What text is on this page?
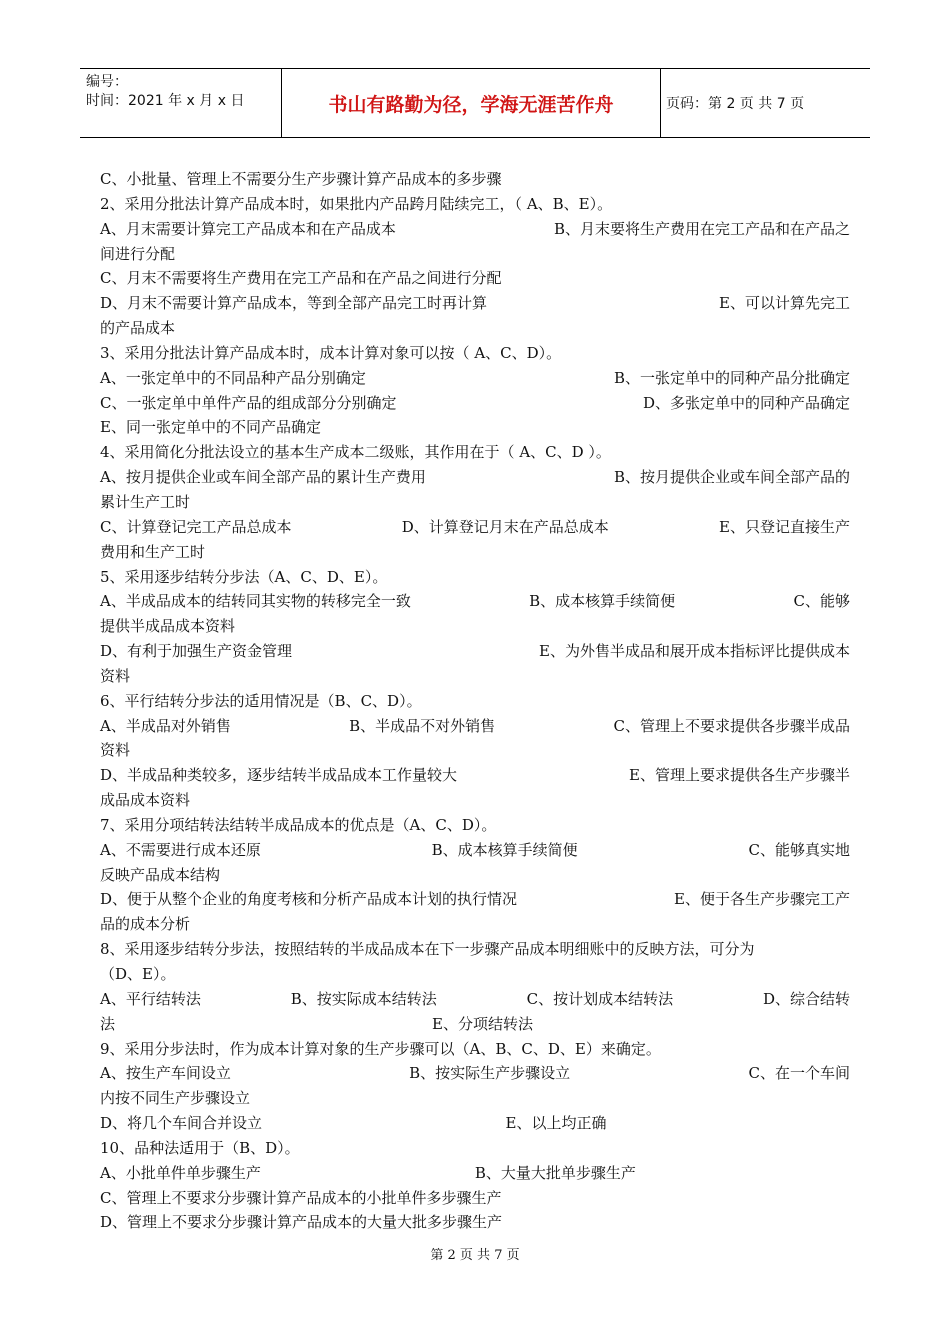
编号：
时间：2021 年 x 月 x 日	书山有路勤为径，学海无涯苦作舟	页码：第 2 页 共 7 页
C、小批量、管理上不需要分生产步骤计算产品成本的多步骤
2、采用分批法计算产品成本时，如果批内产品跨月陆续完工，（ A、B、E）。
A、月末需要计算完工产品成本和在产品成本	B、月末要将生产费用在完工产品和在产品之
间进行分配
C、月末不需要将生产费用在完工产品和在产品之间进行分配
D、月末不需要计算产品成本，等到全部产品完工时再计算	E、可以计算先完工
的产品成本
3、采用分批法计算产品成本时，成本计算对象可以按（ A、C、D）。
A、一张定单中的不同品种产品分别确定	B、一张定单中的同种产品分批确定
C、一张定单中单件产品的组成部分分别确定	D、多张定单中的同种产品确定
E、同一张定单中的不同产品确定
4、采用简化分批法设立的基本生产成本二级账，其作用在于（ A、C、D ）。
A、按月提供企业或车间全部产品的累计生产费用	B、按月提供企业或车间全部产品的
累计生产工时
C、计算登记完工产品总成本	D、计算登记月末在产品总成本	E、只登记直接生产
费用和生产工时
5、采用逐步结转分步法（A、C、D、E）。
A、半成品成本的结转同其实物的转移完全一致	B、成本核算手续简便	C、能够
提供半成品成本资料
D、有利于加强生产资金管理	E、为外售半成品和展开成本指标评比提供成本
资料
6、平行结转分步法的适用情况是（B、C、D）。
A、半成品对外销售	B、半成品不对外销售	C、管理上不要求提供各步骤半成品
资料
D、半成品种类较多，逐步结转半成品成本工作量较大	E、管理上要求提供各生产步骤半
成品成本资料
7、采用分项结转法结转半成品成本的优点是（A、C、D）。
A、不需要进行成本还原	B、成本核算手续简便	C、能够真实地
反映产品成本结构
D、便于从整个企业的角度考核和分析产品成本计划的执行情况	E、便于各生产步骤完工产
品的成本分析
8、采用逐步结转分步法，按照结转的半成品成本在下一步骤产品成本明细账中的反映方法，可分为
（D、E）。
A、平行结转法	B、按实际成本结转法	C、按计划成本结转法	D、综合结转
法	E、分项结转法
9、采用分步法时，作为成本计算对象的生产步骤可以（A、B、C、D、E）来确定。
A、按生产车间设立	B、按实际生产步骤设立	C、在一个车间
内按不同生产步骤设立
D、将几个车间合并设立	E、以上均正确
10、品种法适用于（B、D）。
A、小批单件单步骤生产	B、大量大批单步骤生产
C、管理上不要求分步骤计算产品成本的小批单件多步骤生产
D、管理上不要求分步骤计算产品成本的大量大批多步骤生产
第 2 页 共 7 页
